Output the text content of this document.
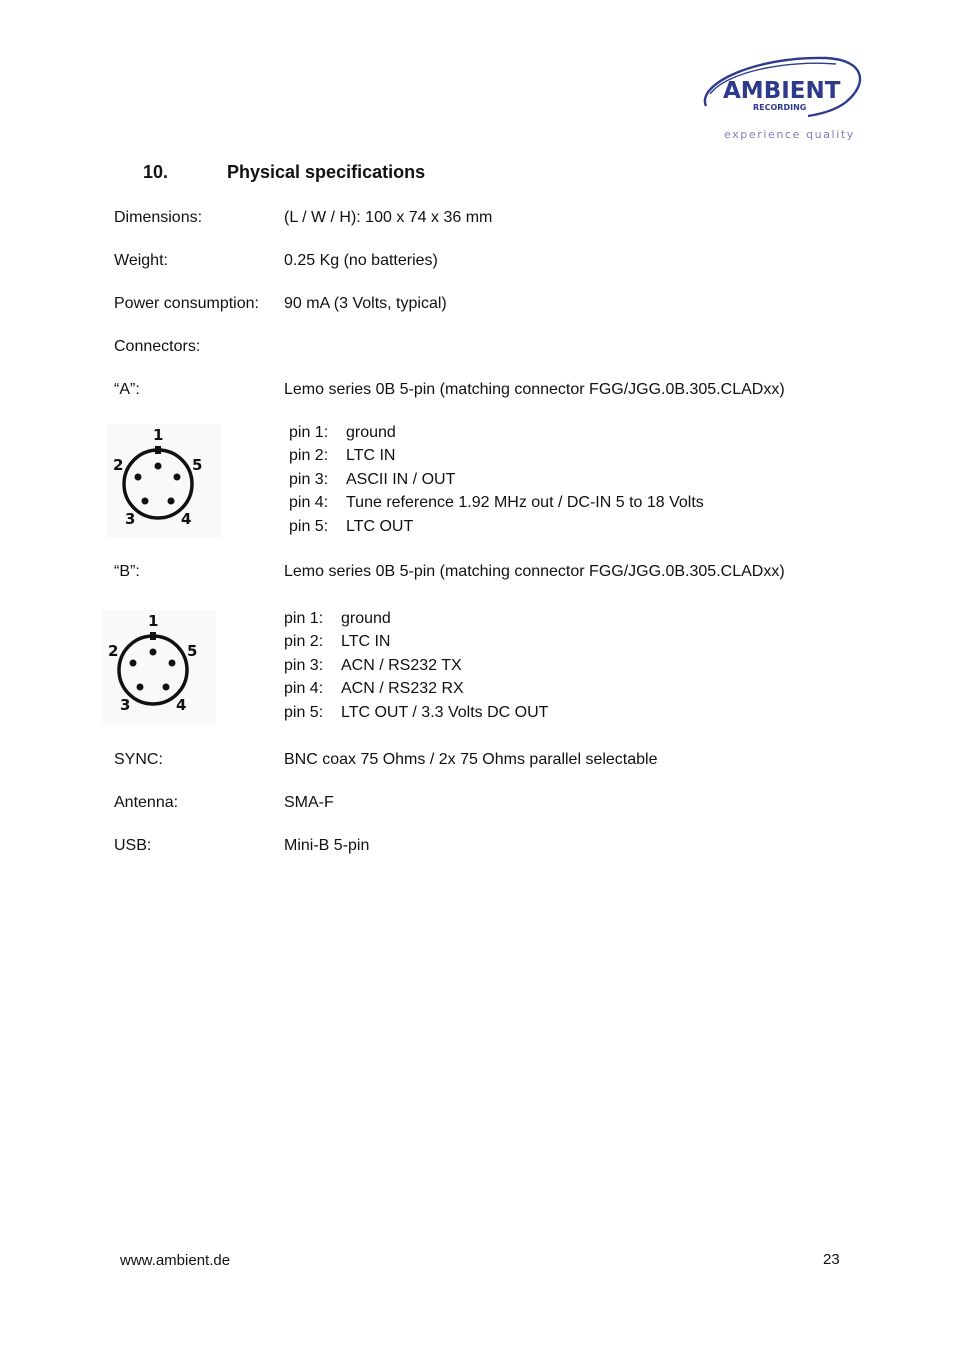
AMBIENT
RECORDING
experience quality
10.	Physical specifications
Dimensions:	(L / W / H): 100 x 74 x 36 mm
Weight:	0.25 Kg (no batteries)
Power consumption: 90 mA (3 Volts, typical)
Connectors:
“A”:	Lemo series 0B 5-pin (matching connector FGG/JGG.0B.305.CLADxx)
1
2	5
3	4
pin 1: ground
pin 2: LTC IN
pin 3: ASCII IN / OUT
pin 4: Tune reference 1.92 MHz out / DC-IN 5 to 18 Volts
pin 5: LTC OUT
“B”:	Lemo series 0B 5-pin (matching connector FGG/JGG.0B.305.CLADxx)
1
2	5
3	4
pin 1: ground
pin 2: LTC IN
pin 3: ACN / RS232 TX
pin 4: ACN / RS232 RX
pin 5: LTC OUT / 3.3 Volts DC OUT
SYNC:	BNC coax 75 Ohms / 2x 75 Ohms parallel selectable
Antenna:	SMA-F
USB:	Mini-B 5-pin
www.ambient.de	23
